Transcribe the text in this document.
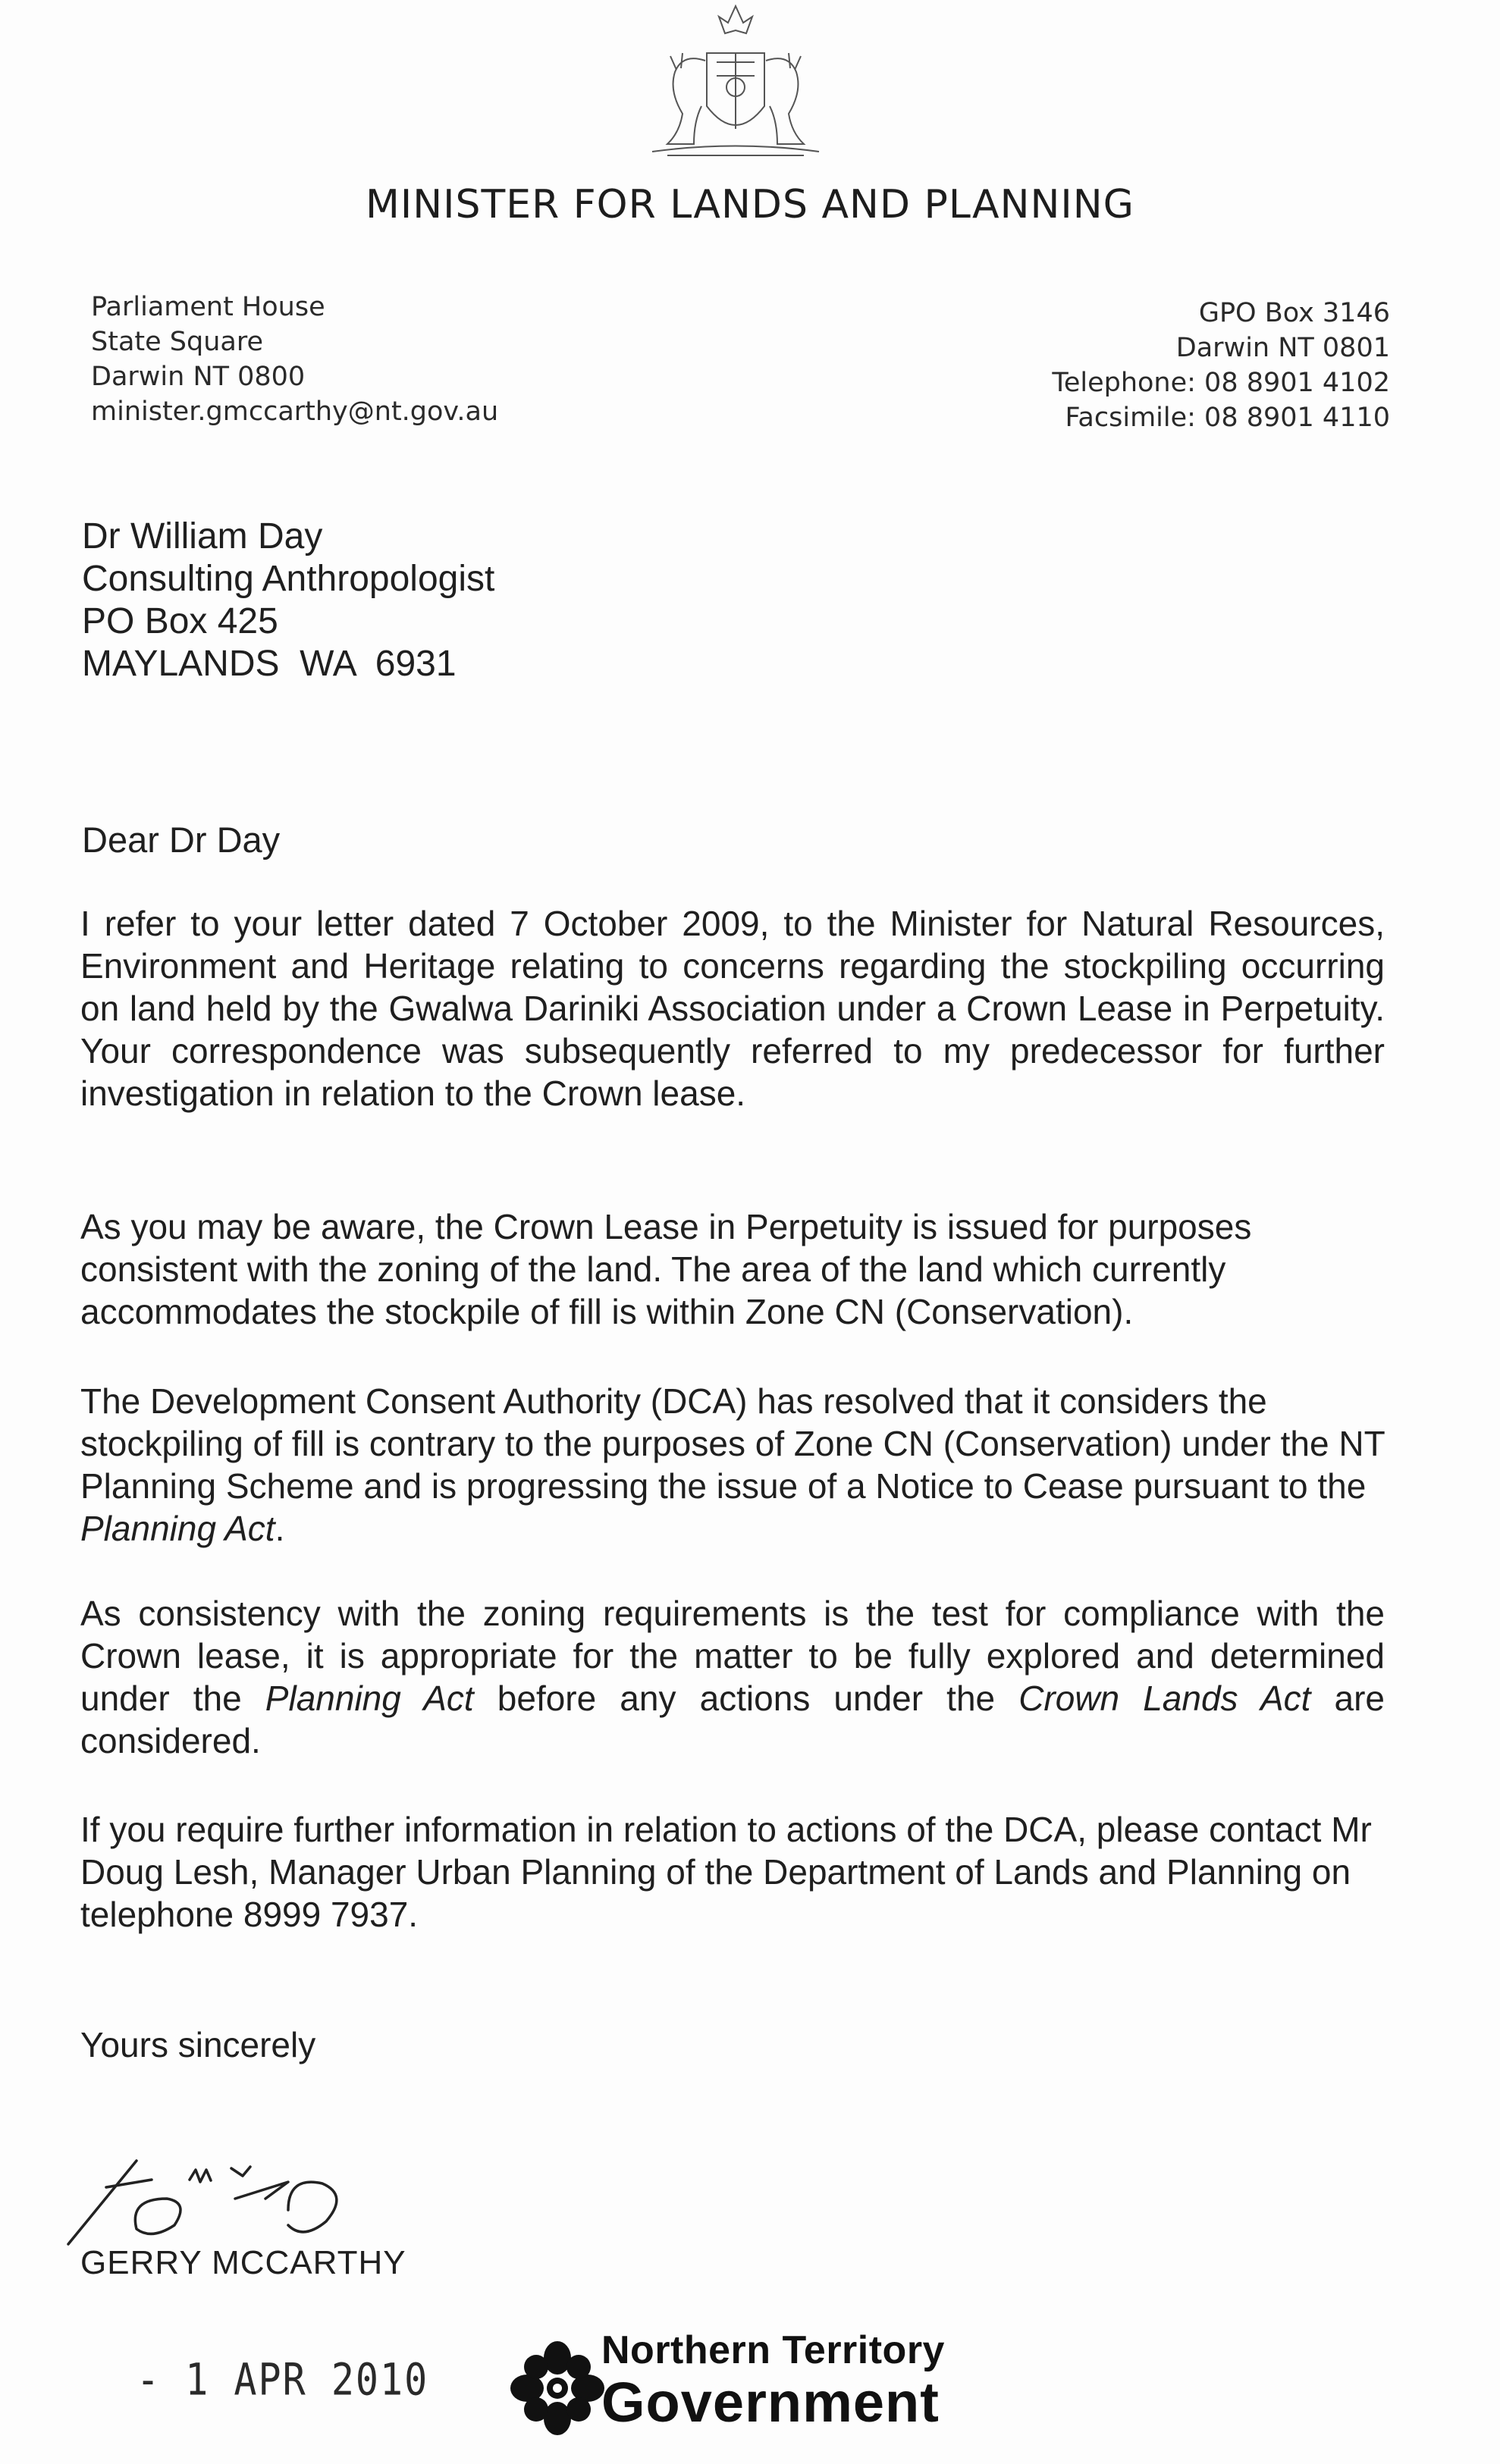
MINISTER FOR LANDS AND PLANNING
Parliament House
State Square
Darwin NT 0800
minister.gmccarthy@nt.gov.au
GPO Box 3146
Darwin NT 0801
Telephone: 08 8901 4102
Facsimile: 08 8901 4110
Dr William Day
Consulting Anthropologist
PO Box 425
MAYLANDS  WA  6931
Dear Dr Day

I refer to your letter dated 7 October 2009, to the Minister for Natural Resources, Environment and Heritage relating to concerns regarding the stockpiling occurring on land held by the Gwalwa Dariniki Association under a Crown Lease in Perpetuity. Your correspondence was subsequently referred to my predecessor for further investigation in relation to the Crown lease.

As you may be aware, the Crown Lease in Perpetuity is issued for purposes consistent with the zoning of the land. The area of the land which currently accommodates the stockpile of fill is within Zone CN (Conservation).

The Development Consent Authority (DCA) has resolved that it considers the stockpiling of fill is contrary to the purposes of Zone CN (Conservation) under the NT Planning Scheme and is progressing the issue of a Notice to Cease pursuant to the Planning Act.

As consistency with the zoning requirements is the test for compliance with the Crown lease, it is appropriate for the matter to be fully explored and determined under the Planning Act before any actions under the Crown Lands Act are considered.

If you require further information in relation to actions of the DCA, please contact Mr Doug Lesh, Manager Urban Planning of the Department of Lands and Planning on telephone 8999 7937.

Yours sincerely
GERRY MCCARTHY
- 1 APR 2010
Northern Territory
Government
